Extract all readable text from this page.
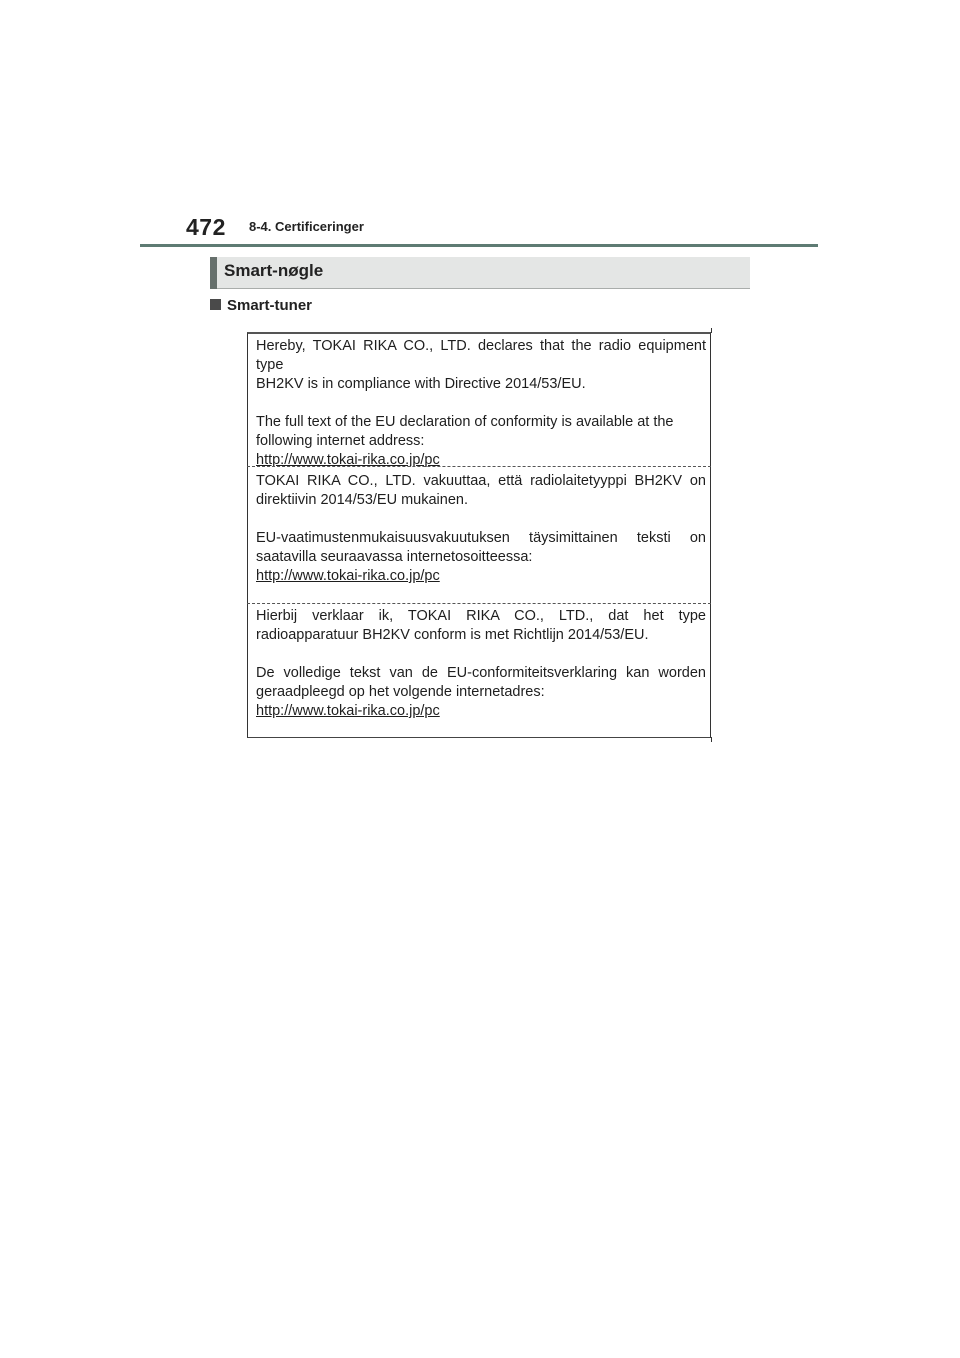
472 8-4. Certificeringer
Smart-nøgle
Smart-tuner

Hereby, TOKAI RIKA CO., LTD. declares that the radio equipment type

BH2KV is in compliance with Directive 2014/53/EU.

The full text of the EU declaration of conformity is available at the

following internet address:

http://www.tokai-rika.co.jp/pc

TOKAI RIKA CO., LTD. vakuuttaa, että radiolaitetyyppi BH2KV on

direktiivin 2014/53/EU mukainen.

EU-vaatimustenmukaisuusvakuutuksen täysimittainen teksti on

saatavilla seuraavassa internetosoitteessa:

http://www.tokai-rika.co.jp/pc

Hierbij verklaar ik, TOKAI RIKA CO., LTD., dat het type

radioapparatuur BH2KV conform is met Richtlijn 2014/53/EU.

De volledige tekst van de EU-conformiteitsverklaring kan worden

geraadpleegd op het volgende internetadres:

http://www.tokai-rika.co.jp/pc
